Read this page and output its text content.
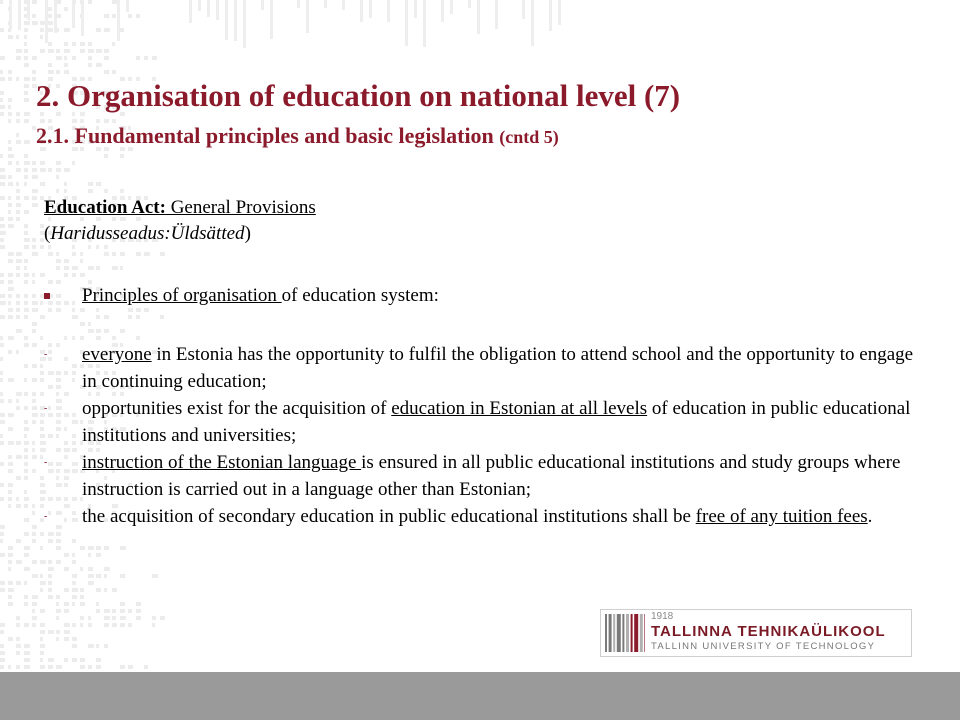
2. Organisation of education on national level (7)
2.1. Fundamental principles and basic legislation (cntd 5)
Education Act: General Provisions
(Haridusseadus:Üldsätted)
Principles of organisation of education system:
- everyone in Estonia has the opportunity to fulfil the obligation to attend school and the opportunity to engage in continuing education;
- opportunities exist for the acquisition of education in Estonian at all levels of education in public educational institutions and universities;
- instruction of the Estonian language is ensured in all public educational institutions and study groups where instruction is carried out in a language other than Estonian;
- the acquisition of secondary education in public educational institutions shall be free of any tuition fees.
1918
TALLINNA TEHNIKAÜLIKOOL
TALLINN UNIVERSITY OF TECHNOLOGY
